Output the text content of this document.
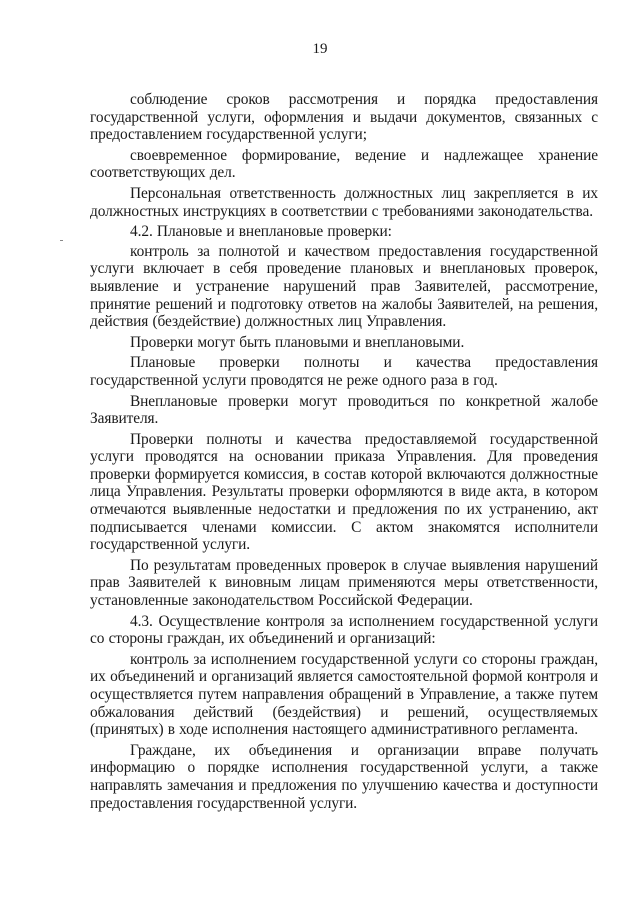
19

соблюдение сроков рассмотрения и порядка предоставления государственной услуги, оформления и выдачи документов, связанных с предоставлением государственной услуги;

своевременное формирование, ведение и надлежащее хранение соответствующих дел.

Персональная ответственность должностных лиц закрепляется в их должностных инструкциях в соответствии с требованиями законодательства.

4.2. Плановые и внеплановые проверки:

контроль за полнотой и качеством предоставления государственной услуги включает в себя проведение плановых и внеплановых проверок, выявление и устранение нарушений прав Заявителей, рассмотрение, принятие решений и подготовку ответов на жалобы Заявителей, на решения, действия (бездействие) должностных лиц Управления.

Проверки могут быть плановыми и внеплановыми.

Плановые проверки полноты и качества предоставления государственной услуги проводятся не реже одного раза в год.

Внеплановые проверки могут проводиться по конкретной жалобе Заявителя.

Проверки полноты и качества предоставляемой государственной услуги проводятся на основании приказа Управления. Для проведения проверки формируется комиссия, в состав которой включаются должностные лица Управления. Результаты проверки оформляются в виде акта, в котором отмечаются выявленные недостатки и предложения по их устранению, акт подписывается членами комиссии. С актом знакомятся исполнители государственной услуги.

По результатам проведенных проверок в случае выявления нарушений прав Заявителей к виновным лицам применяются меры ответственности, установленные законодательством Российской Федерации.

4.3. Осуществление контроля за исполнением государственной услуги со стороны граждан, их объединений и организаций:

контроль за исполнением государственной услуги со стороны граждан, их объединений и организаций является самостоятельной формой контроля и осуществляется путем направления обращений в Управление, а также путем обжалования действий (бездействия) и решений, осуществляемых (принятых) в ходе исполнения настоящего административного регламента.

Граждане, их объединения и организации вправе получать информацию о порядке исполнения государственной услуги, а также направлять замечания и предложения по улучшению качества и доступности предоставления государственной услуги.
